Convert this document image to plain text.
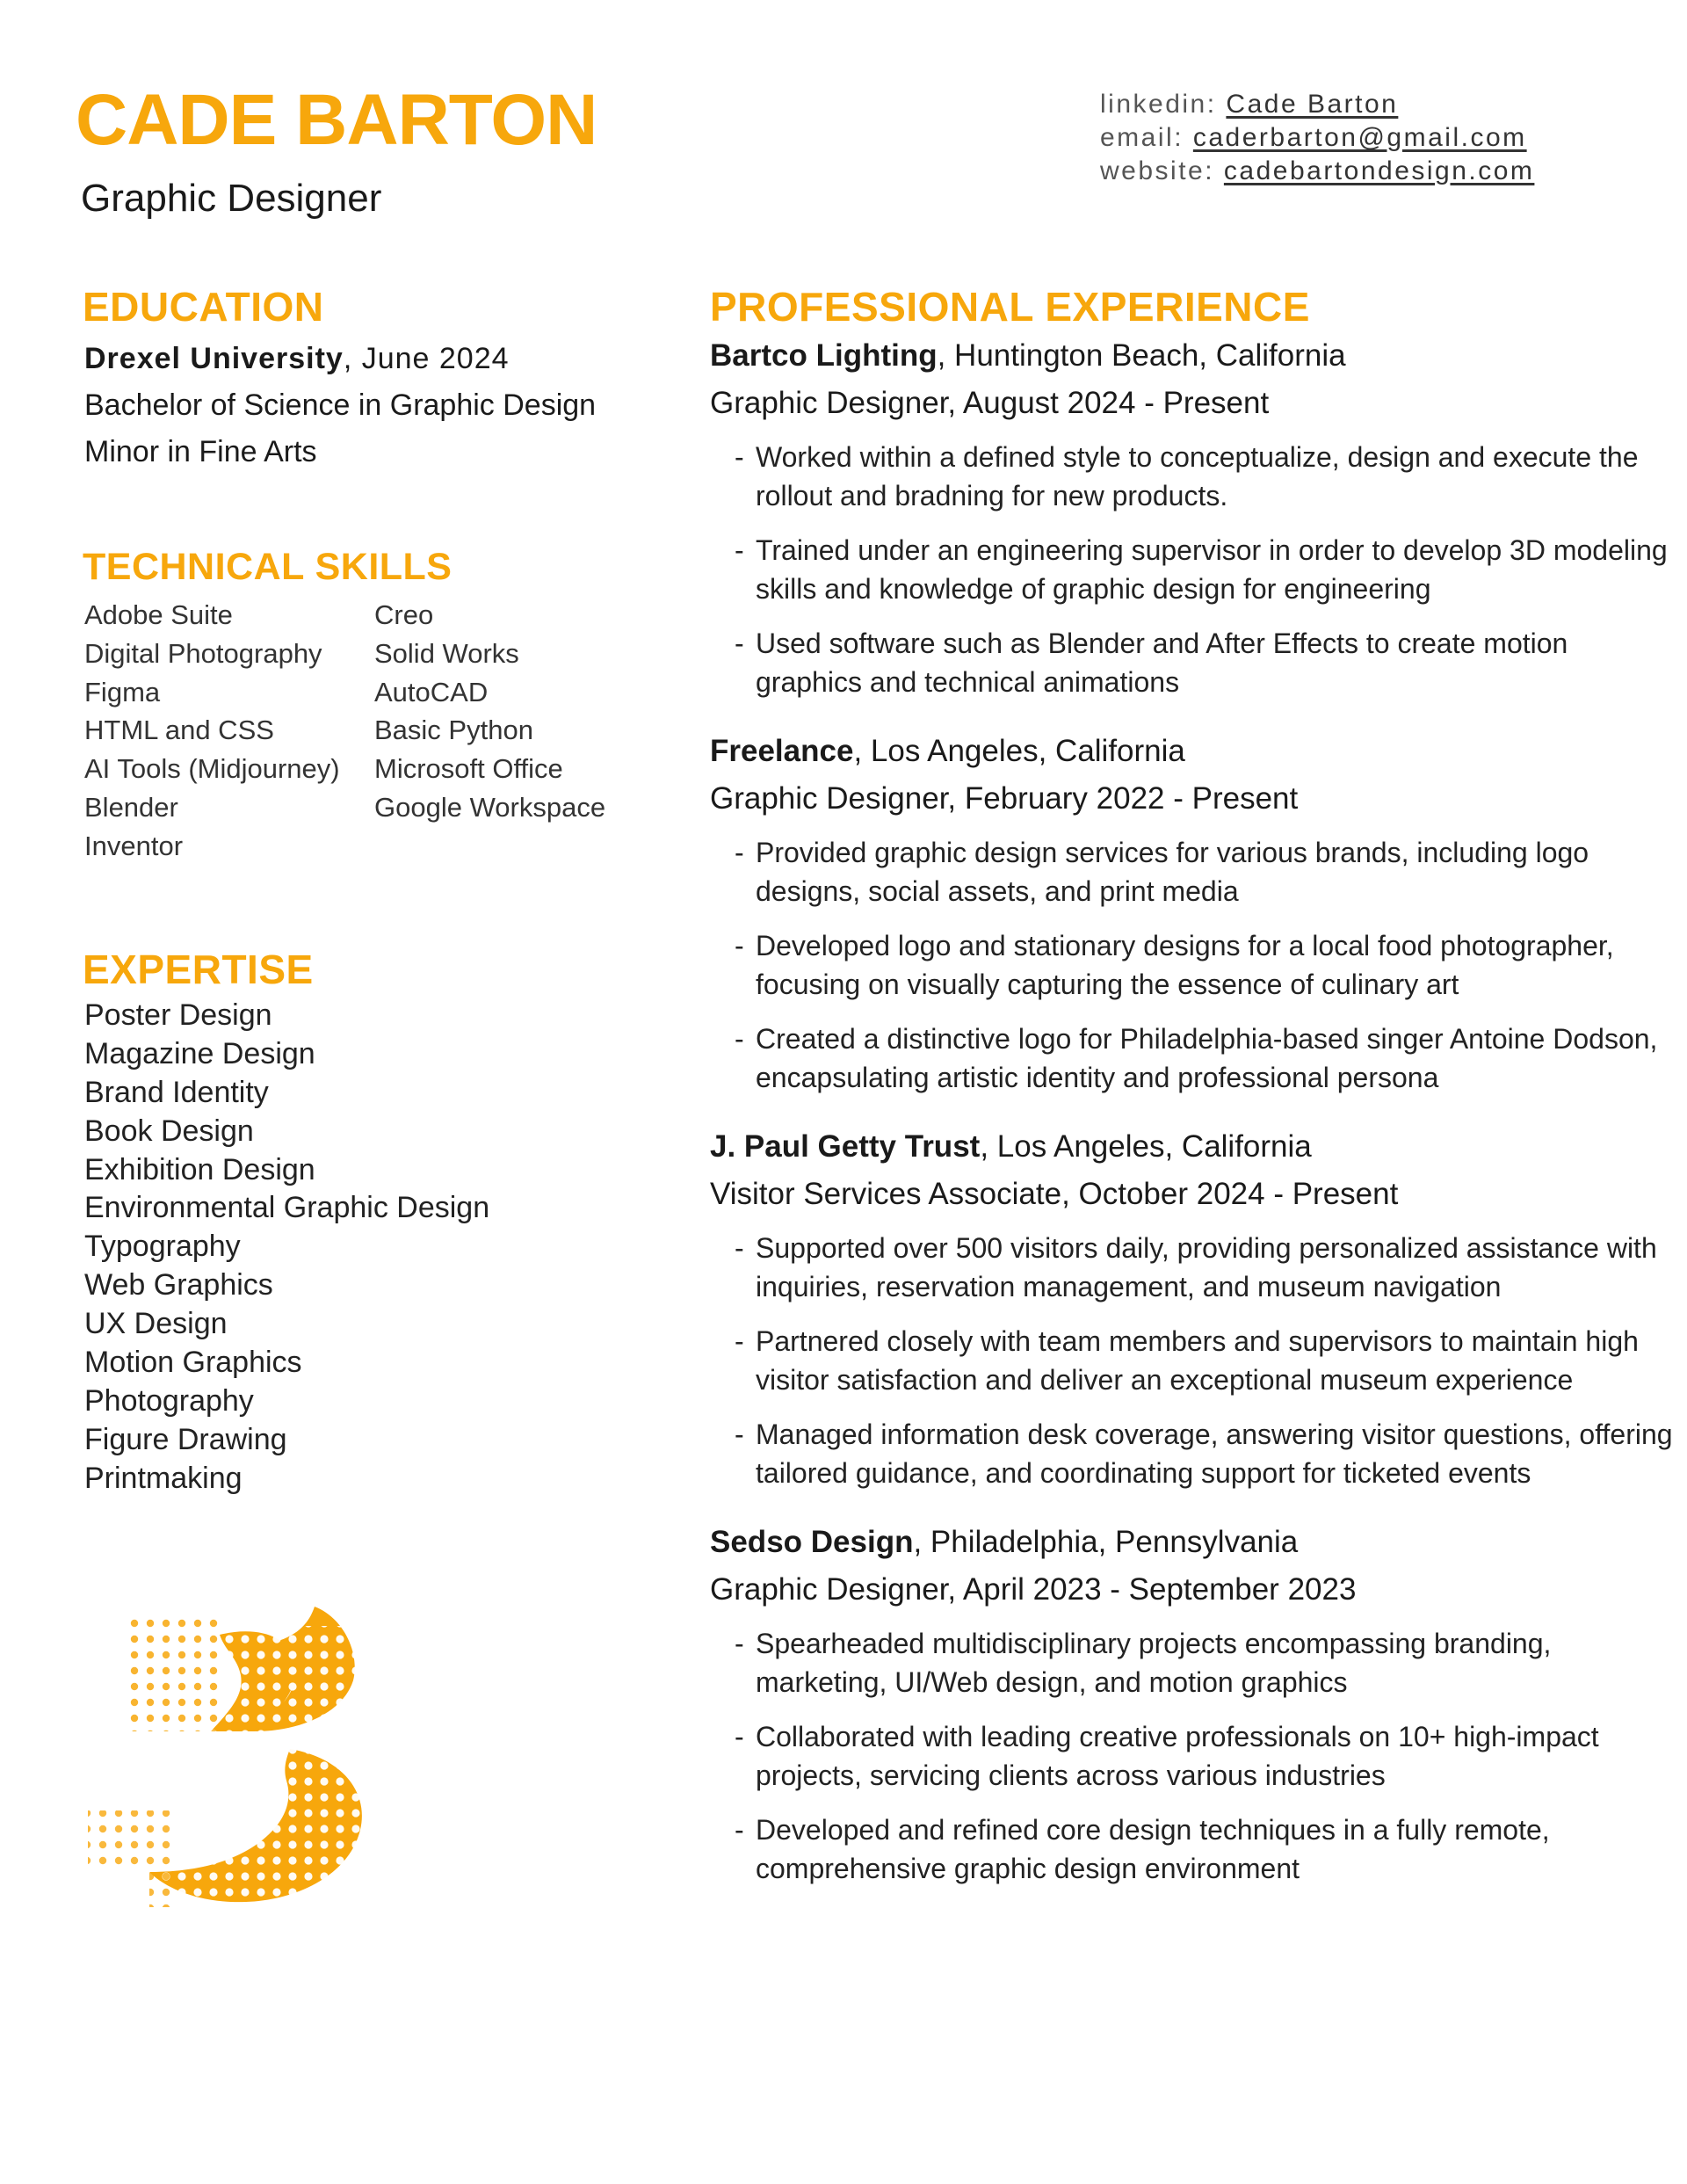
CADE BARTON
Graphic Designer
linkedin: Cade Barton
email: caderbarton@gmail.com
website: cadebartondesign.com
EDUCATION
Drexel University, June 2024
Bachelor of Science in Graphic Design
Minor in Fine Arts
TECHNICAL SKILLS
Adobe Suite
Digital Photography
Figma
HTML and CSS
AI Tools (Midjourney)
Blender
Inventor
Creo
Solid Works
AutoCAD
Basic Python
Microsoft Office
Google Workspace
EXPERTISE
Poster Design
Magazine Design
Brand Identity
Book Design
Exhibition Design
Environmental Graphic Design
Typography
Web Graphics
UX Design
Motion Graphics
Photography
Figure Drawing
Printmaking
PROFESSIONAL EXPERIENCE
Bartco Lighting, Huntington Beach, California
Graphic Designer, August 2024 - Present
- Worked within a defined style to conceptualize, design and execute the rollout and bradning for new products.
- Trained under an engineering supervisor in order to develop 3D modeling skills and knowledge of graphic design for engineering
- Used software such as Blender and After Effects to create motion graphics and technical animations
Freelance, Los Angeles, California
Graphic Designer, February 2022 - Present
- Provided graphic design services for various brands, including logo designs, social assets, and print media
- Developed logo and stationary designs for a local food photographer, focusing on visually capturing the essence of culinary art
- Created a distinctive logo for Philadelphia-based singer Antoine Dodson, encapsulating artistic identity and professional persona
J. Paul Getty Trust, Los Angeles, California
Visitor Services Associate, October 2024 - Present
- Supported over 500 visitors daily, providing personalized assistance with inquiries, reservation management, and museum navigation
- Partnered closely with team members and supervisors to maintain high visitor satisfaction and deliver an exceptional museum experience
- Managed information desk coverage, answering visitor questions, offering tailored guidance, and coordinating support for ticketed events
Sedso Design, Philadelphia, Pennsylvania
Graphic Designer, April 2023 - September 2023
- Spearheaded multidisciplinary projects encompassing branding, marketing, UI/Web design, and motion graphics
- Collaborated with leading creative professionals on 10+ high-impact projects, servicing clients across various industries
- Developed and refined core design techniques in a fully remote, comprehensive graphic design environment
